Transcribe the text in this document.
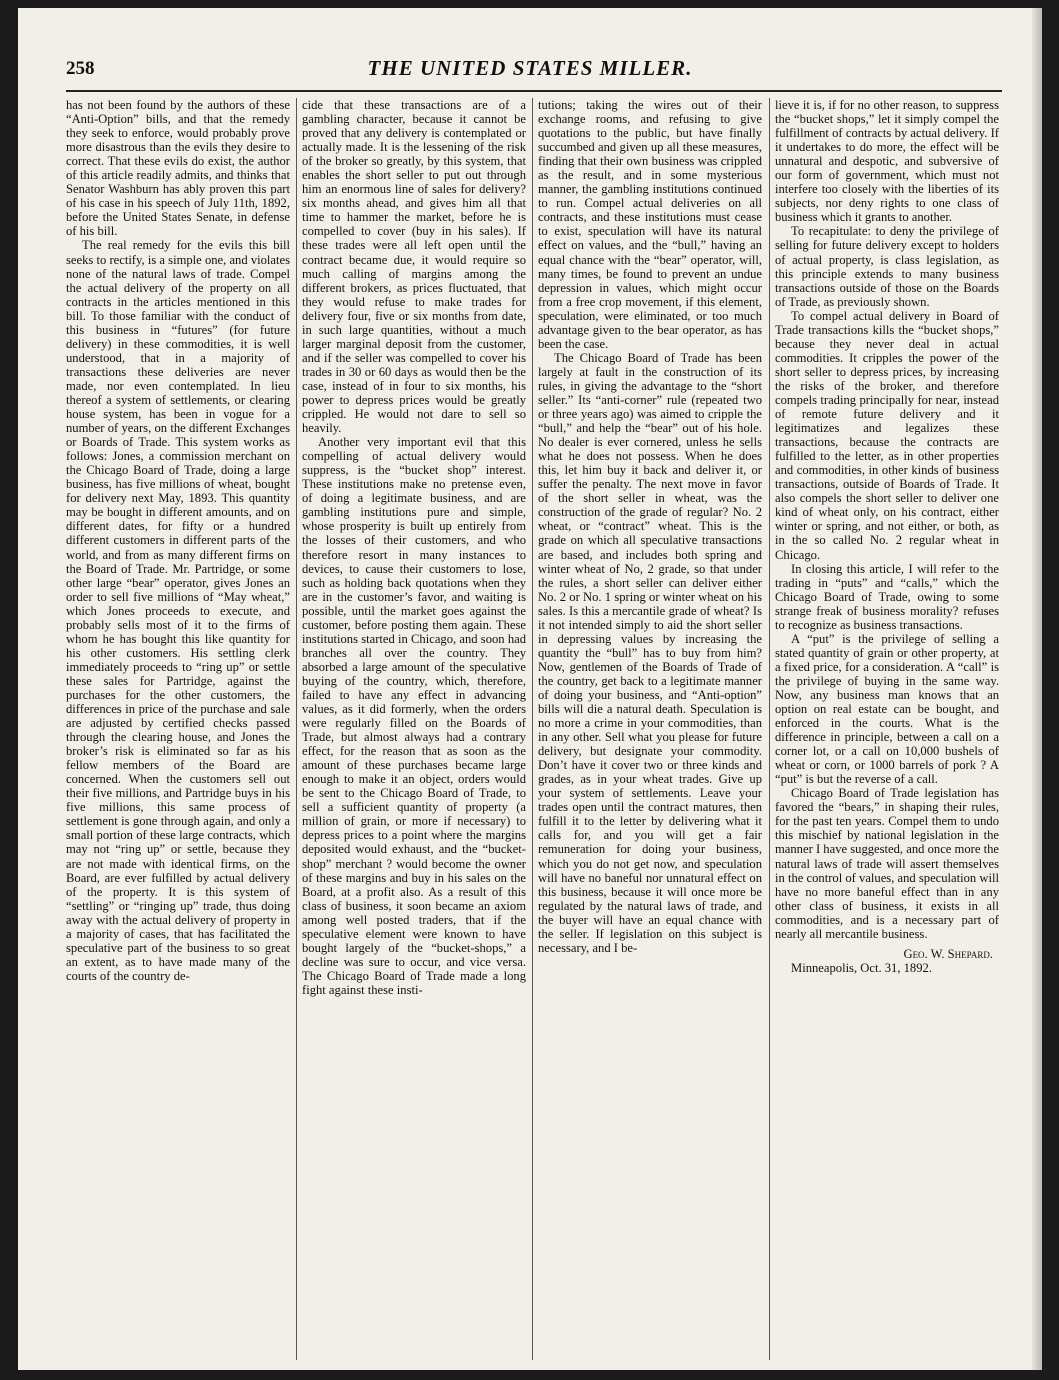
258	THE UNITED STATES MILLER.

has not been found by the authors of these “Anti-Option” bills, and that the remedy they seek to enforce, would probably prove more disastrous than the evils they desire to correct. That these evils do exist, the author of this article readily admits, and thinks that Senator Washburn has ably proven this part of his case in his speech of July 11th, 1892, before the United States Senate, in defense of his bill.

The real remedy for the evils this bill seeks to rectify, is a simple one, and violates none of the natural laws of trade. Compel the actual delivery of the property on all contracts in the articles mentioned in this bill. To those familiar with the conduct of this business in “futures” (for future delivery) in these commodities, it is well understood, that in a majority of transactions these deliveries are never made, nor even contemplated. In lieu thereof a system of settlements, or clearing house system, has been in vogue for a number of years, on the different Exchanges or Boards of Trade. This system works as follows: Jones, a commission merchant on the Chicago Board of Trade, doing a large business, has five millions of wheat, bought for delivery next May, 1893. This quantity may be bought in different amounts, and on different dates, for fifty or a hundred different customers in different parts of the world, and from as many different firms on the Board of Trade. Mr. Partridge, or some other large “bear” operator, gives Jones an order to sell five millions of “May wheat,” which Jones proceeds to execute, and probably sells most of it to the firms of whom he has bought this like quantity for his other customers. His settling clerk immediately proceeds to “ring up” or settle these sales for Partridge, against the purchases for the other customers, the differences in price of the purchase and sale are adjusted by certified checks passed through the clearing house, and Jones the broker’s risk is eliminated so far as his fellow members of the Board are concerned. When the customers sell out their five millions, and Partridge buys in his five millions, this same process of settlement is gone through again, and only a small portion of these large contracts, which may not “ring up” or settle, because they are not made with identical firms, on the Board, are ever fulfilled by actual delivery of the property. It is this system of “settling” or “ringing up” trade, thus doing away with the actual delivery of property in a majority of cases, that has facilitated the speculative part of the business to so great an extent, as to have made many of the courts of the country de-

cide that these transactions are of a gambling character, because it cannot be proved that any delivery is contemplated or actually made. It is the lessening of the risk of the broker so greatly, by this system, that enables the short seller to put out through him an enormous line of sales for delivery? six months ahead, and gives him all that time to hammer the market, before he is compelled to cover (buy in his sales). If these trades were all left open until the contract became due, it would require so much calling of margins among the different brokers, as prices fluctuated, that they would refuse to make trades for delivery four, five or six months from date, in such large quantities, without a much larger marginal deposit from the customer, and if the seller was compelled to cover his trades in 30 or 60 days as would then be the case, instead of in four to six months, his power to depress prices would be greatly crippled. He would not dare to sell so heavily.

Another very important evil that this compelling of actual delivery would suppress, is the “bucket shop” interest. These institutions make no pretense even, of doing a legitimate business, and are gambling institutions pure and simple, whose prosperity is built up entirely from the losses of their customers, and who therefore resort in many instances to devices, to cause their customers to lose, such as holding back quotations when they are in the customer’s favor, and waiting is possible, until the market goes against the customer, before posting them again. These institutions started in Chicago, and soon had branches all over the country. They absorbed a large amount of the speculative buying of the country, which, therefore, failed to have any effect in advancing values, as it did formerly, when the orders were regularly filled on the Boards of Trade, but almost always had a contrary effect, for the reason that as soon as the amount of these purchases became large enough to make it an object, orders would be sent to the Chicago Board of Trade, to sell a sufficient quantity of property (a million of grain, or more if necessary) to depress prices to a point where the margins deposited would exhaust, and the “bucket-shop” merchant ? would become the owner of these margins and buy in his sales on the Board, at a profit also. As a result of this class of business, it soon became an axiom among well posted traders, that if the speculative element were known to have bought largely of the “bucket-shops,” a decline was sure to occur, and vice versa. The Chicago Board of Trade made a long fight against these insti-

tutions; taking the wires out of their exchange rooms, and refusing to give quotations to the public, but have finally succumbed and given up all these measures, finding that their own business was crippled as the result, and in some mysterious manner, the gambling institutions continued to run. Compel actual deliveries on all contracts, and these institutions must cease to exist, speculation will have its natural effect on values, and the “bull,” having an equal chance with the “bear” operator, will, many times, be found to prevent an undue depression in values, which might occur from a free crop movement, if this element, speculation, were eliminated, or too much advantage given to the bear operator, as has been the case.

The Chicago Board of Trade has been largely at fault in the construction of its rules, in giving the advantage to the “short seller.” Its “anti-corner” rule (repeated two or three years ago) was aimed to cripple the “bull,” and help the “bear” out of his hole. No dealer is ever cornered, unless he sells what he does not possess. When he does this, let him buy it back and deliver it, or suffer the penalty. The next move in favor of the short seller in wheat, was the construction of the grade of regular? No. 2 wheat, or “contract” wheat. This is the grade on which all speculative transactions are based, and includes both spring and winter wheat of No, 2 grade, so that under the rules, a short seller can deliver either No. 2 or No. 1 spring or winter wheat on his sales. Is this a mercantile grade of wheat? Is it not intended simply to aid the short seller in depressing values by increasing the quantity the “bull” has to buy from him? Now, gentlemen of the Boards of Trade of the country, get back to a legitimate manner of doing your business, and “Anti-option” bills will die a natural death. Speculation is no more a crime in your commodities, than in any other. Sell what you please for future delivery, but designate your commodity. Don’t have it cover two or three kinds and grades, as in your wheat trades. Give up your system of settlements. Leave your trades open until the contract matures, then fulfill it to the letter by delivering what it calls for, and you will get a fair remuneration for doing your business, which you do not get now, and speculation will have no baneful nor unnatural effect on this business, because it will once more be regulated by the natural laws of trade, and the buyer will have an equal chance with the seller. If legislation on this subject is necessary, and I be-

lieve it is, if for no other reason, to suppress the “bucket shops,” let it simply compel the fulfillment of contracts by actual delivery. If it undertakes to do more, the effect will be unnatural and despotic, and subversive of our form of government, which must not interfere too closely with the liberties of its subjects, nor deny rights to one class of business which it grants to another.

To recapitulate: to deny the privilege of selling for future delivery except to holders of actual property, is class legislation, as this principle extends to many business transactions outside of those on the Boards of Trade, as previously shown.

To compel actual delivery in Board of Trade transactions kills the “bucket shops,” because they never deal in actual commodities. It cripples the power of the short seller to depress prices, by increasing the risks of the broker, and therefore compels trading principally for near, instead of remote future delivery and it legitimatizes and legalizes these transactions, because the contracts are fulfilled to the letter, as in other properties and commodities, in other kinds of business transactions, outside of Boards of Trade. It also compels the short seller to deliver one kind of wheat only, on his contract, either winter or spring, and not either, or both, as in the so called No. 2 regular wheat in Chicago.

In closing this article, I will refer to the trading in “puts” and “calls,” which the Chicago Board of Trade, owing to some strange freak of business morality? refuses to recognize as business transactions.

A “put” is the privilege of selling a stated quantity of grain or other property, at a fixed price, for a consideration. A “call” is the privilege of buying in the same way. Now, any business man knows that an option on real estate can be bought, and enforced in the courts. What is the difference in principle, between a call on a corner lot, or a call on 10,000 bushels of wheat or corn, or 1000 barrels of pork ? A “put” is but the reverse of a call.

Chicago Board of Trade legislation has favored the “bears,” in shaping their rules, for the past ten years. Compel them to undo this mischief by national legislation in the manner I have suggested, and once more the natural laws of trade will assert themselves in the control of values, and speculation will have no more baneful effect than in any other class of business, it exists in all commodities, and is a necessary part of nearly all mercantile business.

Geo. W. Shepard.
Minneapolis, Oct. 31, 1892.
